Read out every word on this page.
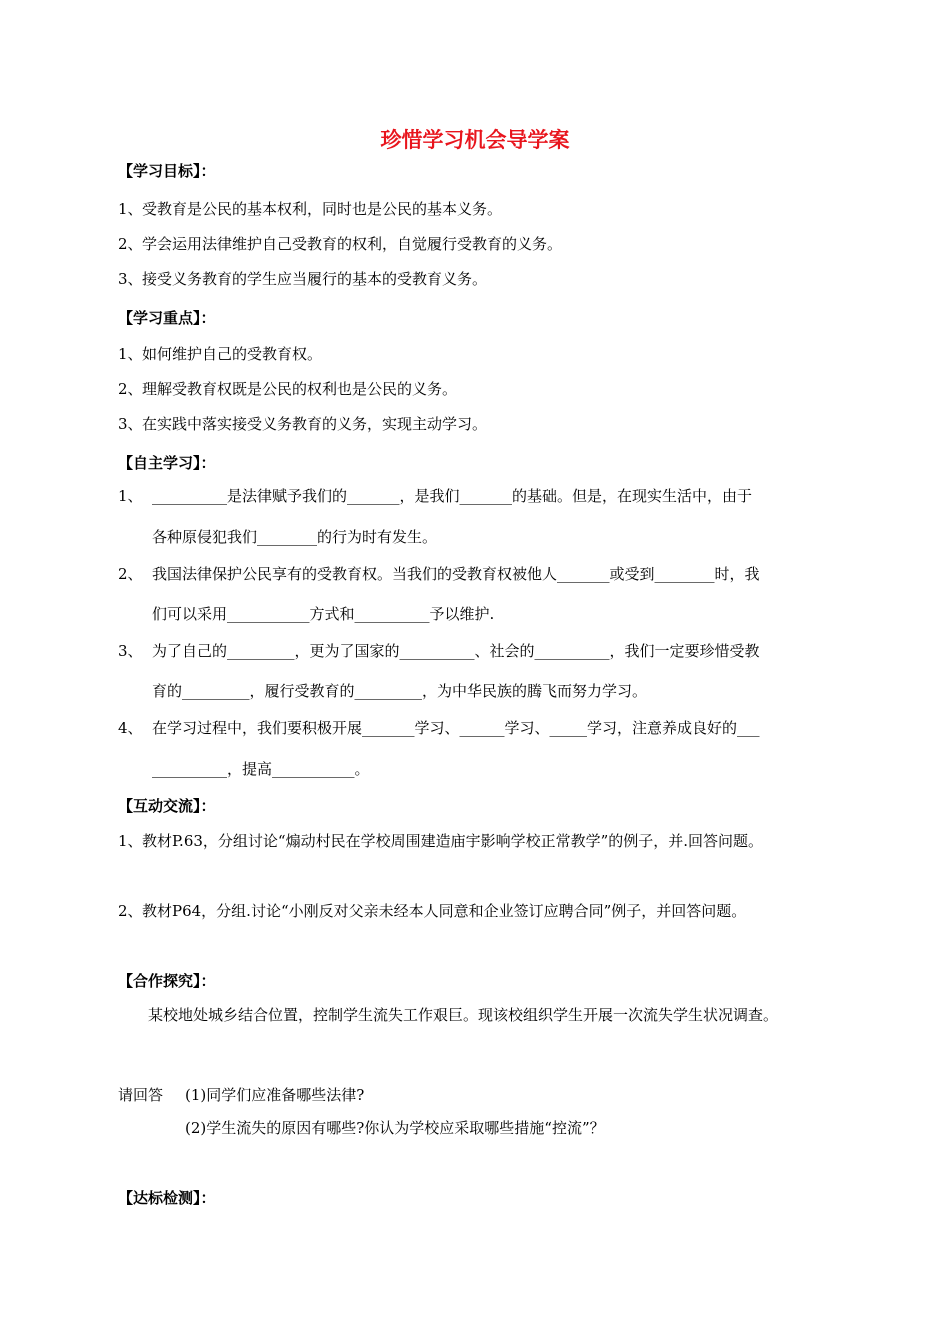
珍惜学习机会导学案
【学习目标】：
1、 受教育是公民的基本权利，同时也是公民的基本义务。
2、 学会运用法律维护自己受教育的权利，自觉履行受教育的义务。
3、 接受义务教育的学生应当履行的基本的受教育义务。
【学习重点】：
1、 如何维护自己的受教育权。
2、 理解受教育权既是公民的权利也是公民的义务。
3、 在实践中落实接受义务教育的义务，实现主动学习。
【自主学习】：
1、 __________是法律赋予我们的_______，是我们_______的基础。但是，在现实生活中，由于
各种原侵犯我们________的行为时有发生。
2、 我国法律保护公民享有的受教育权。当我们的受教育权被他人_______或受到________时，我
们可以采用___________方式和__________予以维护.
3、 为了自己的_________，更为了国家的__________、社会的__________，我们一定要珍惜受教
育的_________，履行受教育的_________，为中华民族的腾飞而努力学习。
4、 在学习过程中，我们要积极开展_______学习、______学习、_____学习，注意养成良好的___
__________，提高___________。
【互动交流】：
1、 教材P.63，分组讨论“煽动村民在学校周围建造庙宇影响学校正常教学”的例子，并.回答问题。
2、 教材P64，分组.讨论“小刚反对父亲未经本人同意和企业签订应聘合同”例子，并回答问题。
【合作探究】：
某校地处城乡结合位置，控制学生流失工作艰巨。现该校组织学生开展一次流失学生状况调查。
请回答 (1)同学们应准备哪些法律?
(2)学生流失的原因有哪些?你认为学校应采取哪些措施“控流”？
【达标检测】：
